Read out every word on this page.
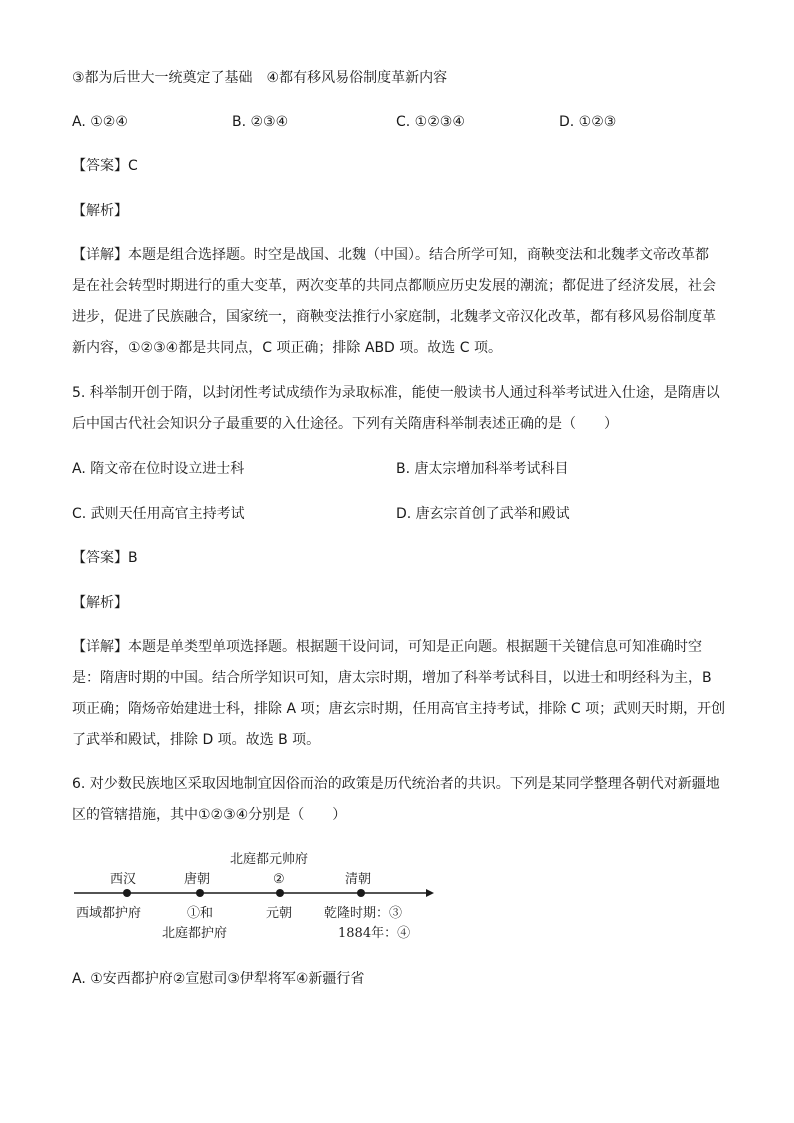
③都为后世大一统奠定了基础　④都有移风易俗制度革新内容
A. ①②④	B. ②③④	C. ①②③④	D. ①②③
【答案】C
【解析】
【详解】本题是组合选择题。时空是战国、北魏（中国）。结合所学可知，商鞅变法和北魏孝文帝改革都
是在社会转型时期进行的重大变革，两次变革的共同点都顺应历史发展的潮流；都促进了经济发展，社会
进步，促进了民族融合，国家统一，商鞅变法推行小家庭制，北魏孝文帝汉化改革，都有移风易俗制度革
新内容，①②③④都是共同点，C 项正确；排除 ABD 项。故选 C 项。
5. 科举制开创于隋，以封闭性考试成绩作为录取标准，能使一般读书人通过科举考试进入仕途，是隋唐以
后中国古代社会知识分子最重要的入仕途径。下列有关隋唐科举制表述正确的是（　　）
A. 隋文帝在位时设立进士科	B. 唐太宗增加科举考试科目
C. 武则天任用高官主持考试	D. 唐玄宗首创了武举和殿试
【答案】B
【解析】
【详解】本题是单类型单项选择题。根据题干设问词，可知是正向题。根据题干关键信息可知准确时空
是：隋唐时期的中国。结合所学知识可知，唐太宗时期，增加了科举考试科目，以进士和明经科为主，B
项正确；隋炀帝始建进士科，排除 A 项；唐玄宗时期，任用高官主持考试，排除 C 项；武则天时期，开创
了武举和殿试，排除 D 项。故选 B 项。
6. 对少数民族地区采取因地制宜因俗而治的政策是历代统治者的共识。下列是某同学整理各朝代对新疆地
区的管辖措施，其中①②③④分别是（　　）
北庭都元帅府
西汉	唐朝	②	清朝
西域都护府	①和
北庭都护府
元朝 乾隆时期：③
1884年：④
A. ①安西都护府②宣慰司③伊犁将军④新疆行省
